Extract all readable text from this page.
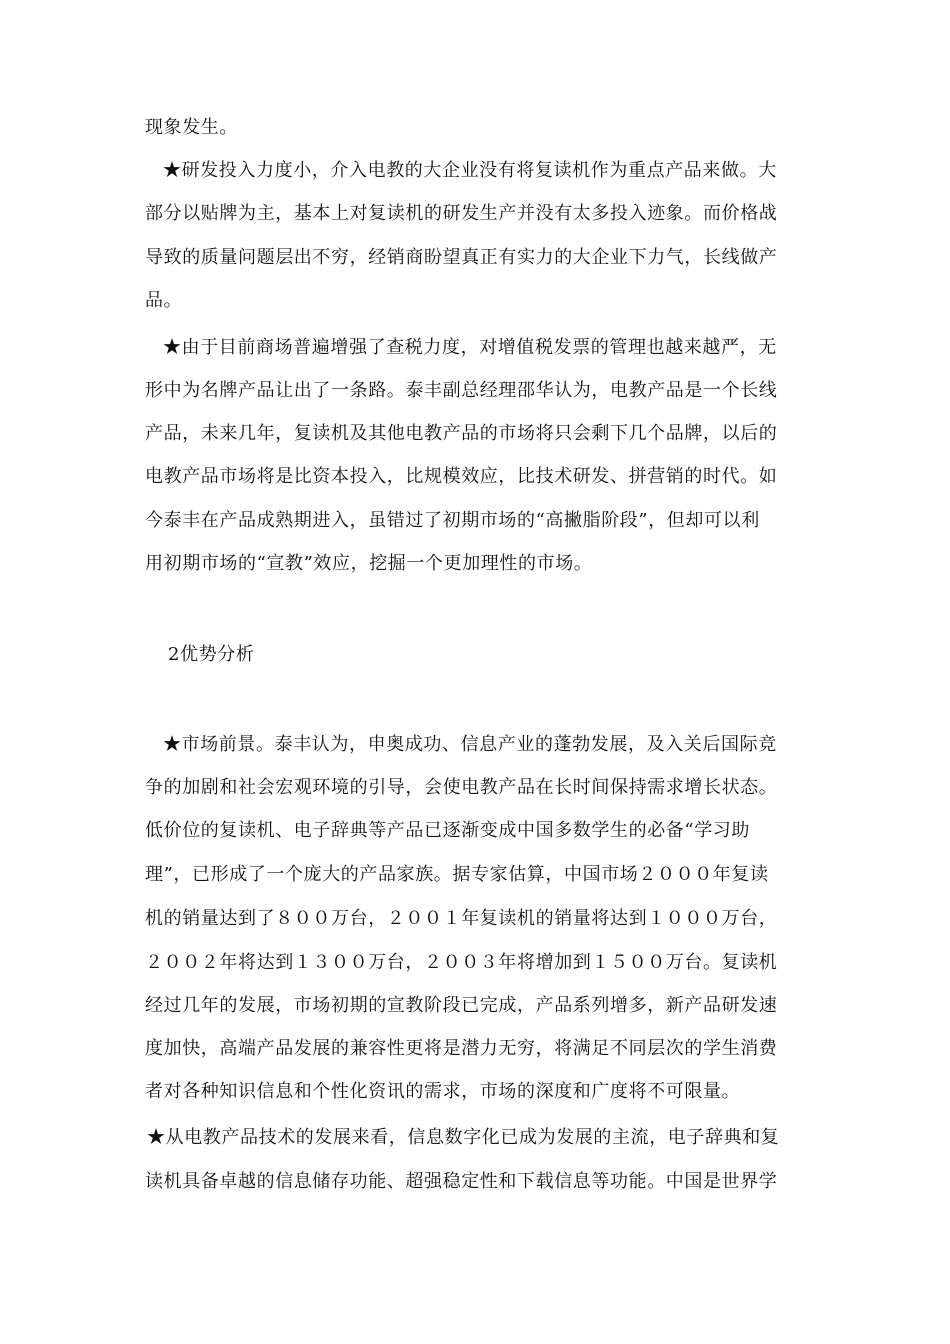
现象发生。
★研发投入力度小，介入电教的大企业没有将复读机作为重点产品来做。大
部分以贴牌为主，基本上对复读机的研发生产并没有太多投入迹象。而价格战
导致的质量问题层出不穷，经销商盼望真正有实力的大企业下力气，长线做产
品。
★由于目前商场普遍增强了查税力度，对增值税发票的管理也越来越严，无
形中为名牌产品让出了一条路。泰丰副总经理邵华认为，电教产品是一个长线
产品，未来几年，复读机及其他电教产品的市场将只会剩下几个品牌，以后的
电教产品市场将是比资本投入，比规模效应，比技术研发、拼营销的时代。如
今泰丰在产品成熟期进入，虽错过了初期市场的“高撇脂阶段”，但却可以利
用初期市场的“宣教”效应，挖掘一个更加理性的市场。
2优势分析
★市场前景。泰丰认为，申奥成功、信息产业的蓬勃发展，及入关后国际竞
争的加剧和社会宏观环境的引导，会使电教产品在长时间保持需求增长状态。
低价位的复读机、电子辞典等产品已逐渐变成中国多数学生的必备“学习助
理”，已形成了一个庞大的产品家族。据专家估算，中国市场２０００年复读
机的销量达到了８００万台，２００１年复读机的销量将达到１０００万台，
２００２年将达到１３００万台，２００３年将增加到１５００万台。复读机
经过几年的发展，市场初期的宣教阶段已完成，产品系列增多，新产品研发速
度加快，高端产品发展的兼容性更将是潜力无穷，将满足不同层次的学生消费
者对各种知识信息和个性化资讯的需求，市场的深度和广度将不可限量。
★从电教产品技术的发展来看，信息数字化已成为发展的主流，电子辞典和复
读机具备卓越的信息储存功能、超强稳定性和下载信息等功能。中国是世界学
